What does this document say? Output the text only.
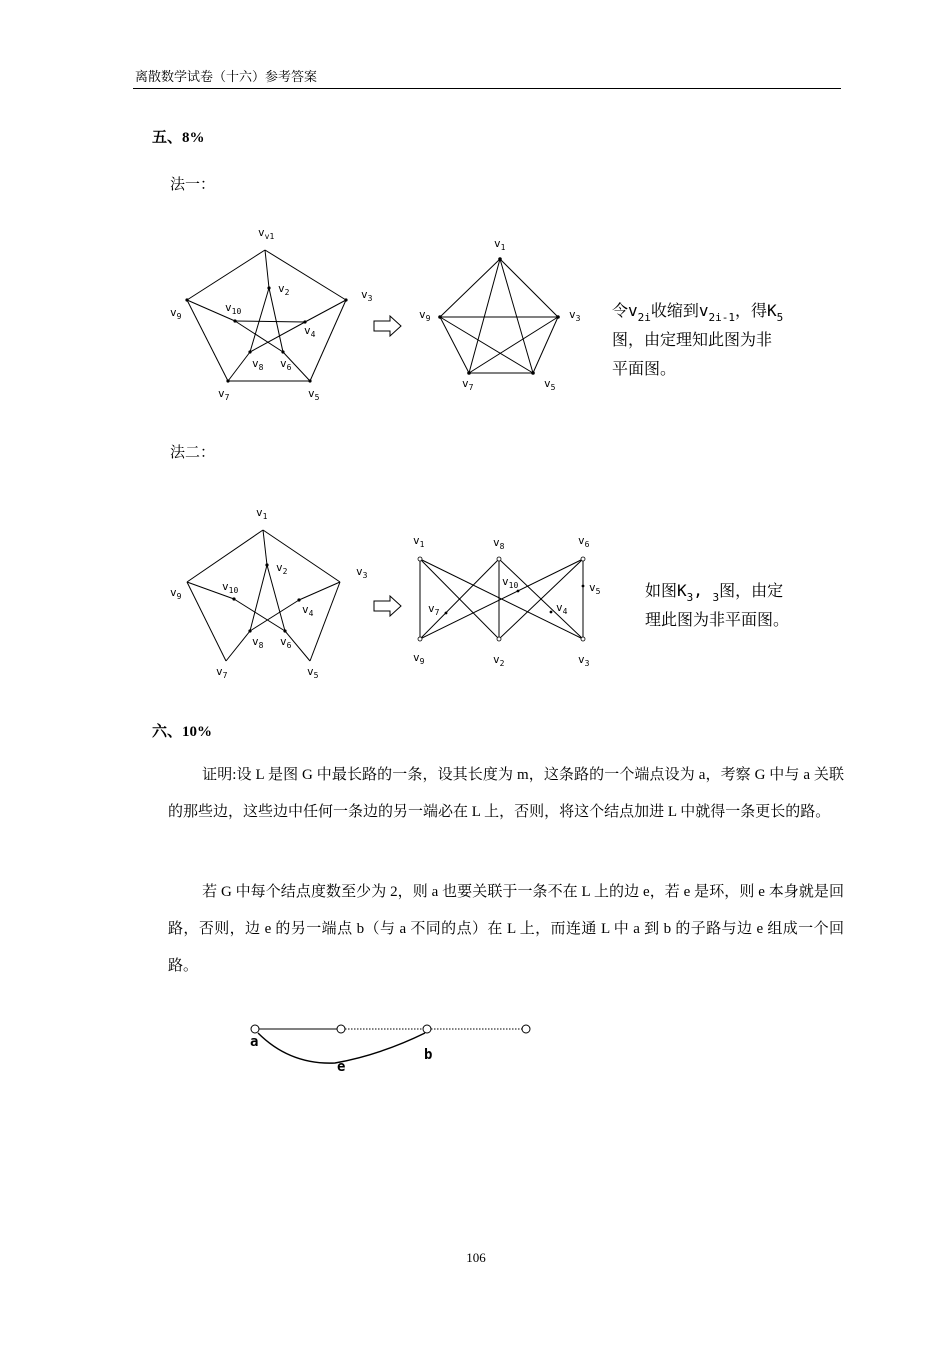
离散数学试卷（十六）参考答案
五、8%
法一：
$v_{v1}$
$v_2$	$v_3$
$v_4$
$v_5$
$v_6$
$v_7$
$v_8$
$v_9$
$v_{10}$
$v_1$
$v_3$
$v_5$
$v_7$
$v_9$	令$v_{2i}$收缩到$v_{2i-1}$，得$K_5$
图，由定理知此图为非
平面图。
法二：
$v_1$
$v_2$	$v_3$
$v_4$
$v_5$
$v_6$
$v_7$
$v_8$
$v_9$
$v_{10}$
$v_1$	$v_8$	$v_6$
$v_5$
$v_4$
$v_{10}$
$v_7$
$v_9$	$v_2$	$v_3$
如图$K_3$, $_3$图，由定
理此图为非平面图。
六、10%
证明:设 L 是图 G 中最长路的一条，设其长度为 m，这条路的一个端点设为 a，考察 G 中与 a 关联的那些边，这些边中任何一条边的另一端必在 L 上，否则，将这个结点加进 L 中就得一条更长的路。
若 G 中每个结点度数至少为 2，则 a 也要关联于一条不在 L 上的边 e，若 e 是环，则 e 本身就是回路，否则，边 e 的另一端点 b（与 a 不同的点）在 L 上，而连通 L 中 a 到 b 的子路与边 e 组成一个回路。
a
b
e
106
